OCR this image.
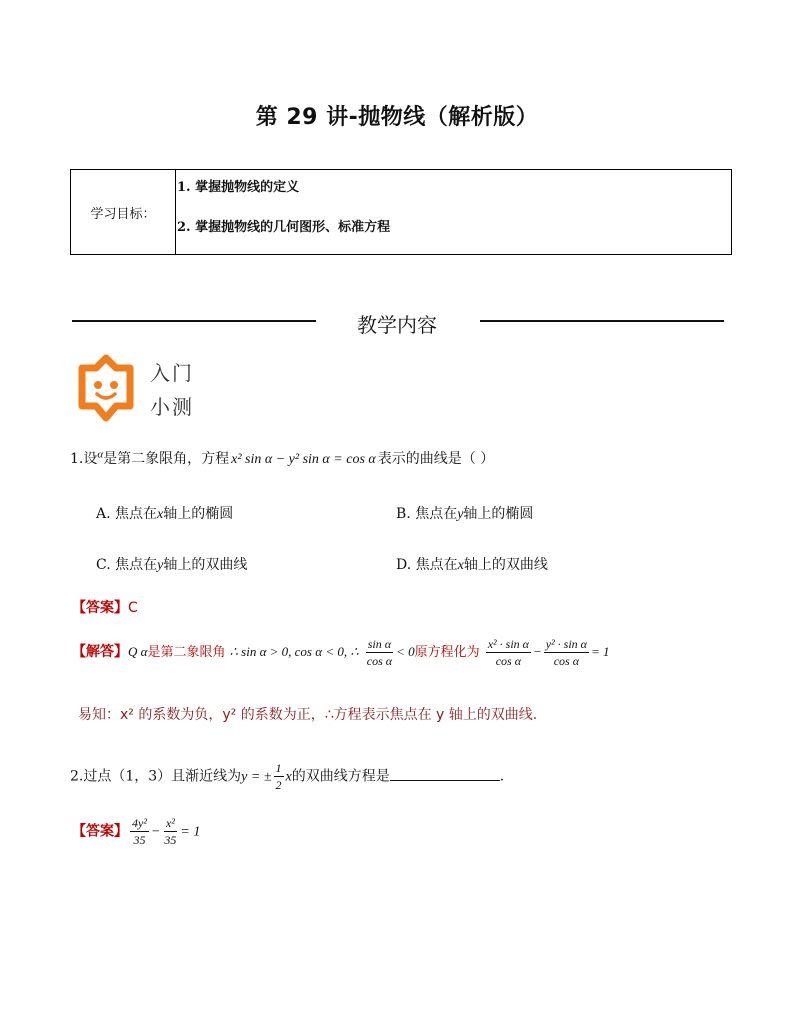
第 29 讲-抛物线（解析版）
学习目标：
1. 掌握抛物线的定义
2. 掌握抛物线的几何图形、标准方程
教学内容
入门
小测
1.设$^\alpha$是第二象限角，方程 x² sin α − y² sin α = cos α 表示的曲线是（ ）
A. 焦点在x轴上的椭圆	B. 焦点在y轴上的椭圆
C. 焦点在y轴上的双曲线	D. 焦点在x轴上的双曲线
【答案】C
【解答】Q α是第二象限角 ∴ sin α > 0, cos α < 0, ∴ $\frac{\text{sin α}}{\text{cos α}} < 0$原方程化为 $\frac{\text{x² · sin α}}{\text{cos α}} - \frac{\text{y² · sin α}}{\text{cos α}} = 1$
易知：x² 的系数为负，y² 的系数为正，∴方程表示焦点在 y 轴上的双曲线.
2.过点（1，3）且渐近线为y = ± $\frac{1}{2}$ x的双曲线方程是	.
【答案】 $\frac{\text{4y²}}{35} - \frac{\text{x²}}{35} = 1$
